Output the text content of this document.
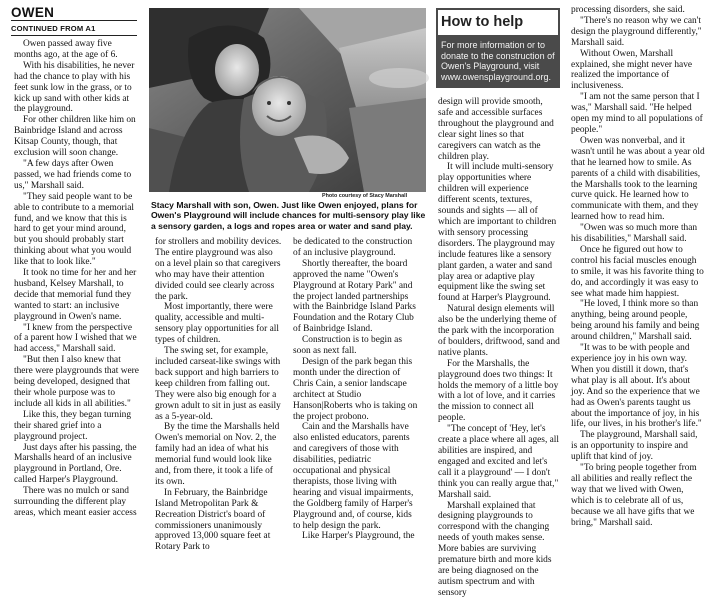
OWEN
CONTINUED FROM A1

Owen passed away five months ago, at the age of 6.

With his disabilities, he never had the chance to play with his feet sunk low in the grass, or to kick up sand with other kids at the playground.

For other children like him on Bainbridge Island and across Kitsap County, though, that exclusion will soon change.

"A few days after Owen passed, we had friends come to us," Marshall said.

"They said people want to be able to contribute to a memorial fund, and we know that this is hard to get your mind around, but you should probably start thinking about what you would like that to look like."

It took no time for her and her husband, Kelsey Marshall, to decide that memorial fund they wanted to start: an inclusive playground in Owen's name.

"I knew from the perspective of a parent how I wished that we had access," Marshall said.

"But then I also knew that there were playgrounds that were being developed, designed that their whole purpose was to include all kids in all abilities."

Like this, they began turning their shared grief into a playground project.

Just days after his passing, the Marshalls heard of an inclusive playground in Portland, Ore. called Harper's Playground.

There was no mulch or sand surrounding the different play areas, which meant easier access

Photo courtesy of Stacy Marshall
Stacy Marshall with son, Owen. Just like Owen enjoyed, plans for Owen's Playground will include chances for multi-sensory play like a sensory garden, a logs and ropes area or water and sand play.
How to help
For more information or to donate to the construction of Owen's Playground, visit www.owensplayground.org.

for strollers and mobility devices. The entire playground was also on a level plain so that caregivers who may have their attention divided could see clearly across the park.

Most importantly, there were quality, accessible and multi-sensory play opportunities for all types of children.

The swing set, for example, included carseat-like swings with back support and high barriers to keep children from falling out. They were also big enough for a grown adult to sit in just as easily as a 5-year-old.

By the time the Marshalls held Owen's memorial on Nov. 2, the family had an idea of what his memorial fund would look like and, from there, it took a life of its own.

In February, the Bainbridge Island Metropolitan Park & Recreation District's board of commissioners unanimously approved 13,000 square feet at Rotary Park to

be dedicated to the construction of an inclusive playground.

Shortly thereafter, the board approved the name "Owen's Playground at Rotary Park" and the project landed partnerships with the Bainbridge Island Parks Foundation and the Rotary Club of Bainbridge Island.

Construction is to begin as soon as next fall.

Design of the park began this month under the direction of Chris Cain, a senior landscape architect at Studio Hanson|Roberts who is taking on the project probono.

Cain and the Marshalls have also enlisted educators, parents and caregivers of those with disabilities, pediatric occupational and physical therapists, those living with hearing and visual impairments, the Goldberg family of Harper's Playground and, of course, kids to help design the park.

Like Harper's Playground, the

design will provide smooth, safe and accessible surfaces throughout the playground and clear sight lines so that caregivers can watch as the children play.

It will include multi-sensory play opportunities where children will experience different scents, textures, sounds and sights — all of which are important to children with sensory processing disorders. The playground may include features like a sensory plant garden, a water and sand play area or adaptive play equipment like the swing set found at Harper's Playground.

Natural design elements will also be the underlying theme of the park with the incorporation of boulders, driftwood, sand and native plants.

For the Marshalls, the playground does two things: It holds the memory of a little boy with a lot of love, and it carries the mission to connect all people.

"The concept of 'Hey, let's create a place where all ages, all abilities are inspired, and engaged and excited and let's call it a playground' — I don't think you can really argue that," Marshall said.

Marshall explained that designing playgrounds to correspond with the changing needs of youth makes sense. More babies are surviving premature birth and more kids are being diagnosed on the autism spectrum and with sensory

processing disorders, she said.

"There's no reason why we can't design the playground differently," Marshall said.

Without Owen, Marshall explained, she might never have realized the importance of inclusiveness.

"I am not the same person that I was," Marshall said. "He helped open my mind to all populations of people."

Owen was nonverbal, and it wasn't until he was about a year old that he learned how to smile. As parents of a child with disabilities, the Marshalls took to the learning curve quick. He learned how to communicate with them, and they learned how to read him.

"Owen was so much more than his disabilities," Marshall said.

Once he figured out how to control his facial muscles enough to smile, it was his favorite thing to do, and accordingly it was easy to see what made him happiest.

"He loved, I think more so than anything, being around people, being around his family and being around children," Marshall said.

"It was to be with people and experience joy in his own way. When you distill it down, that's what play is all about. It's about joy. And so the experience that we had as Owen's parents taught us about the importance of joy, in his life, our lives, in his brother's life."

The playground, Marshall said, is an opportunity to inspire and uplift that kind of joy.

"To bring people together from all abilities and really reflect the way that we lived with Owen, which is to celebrate all of us, because we all have gifts that we bring," Marshall said.
